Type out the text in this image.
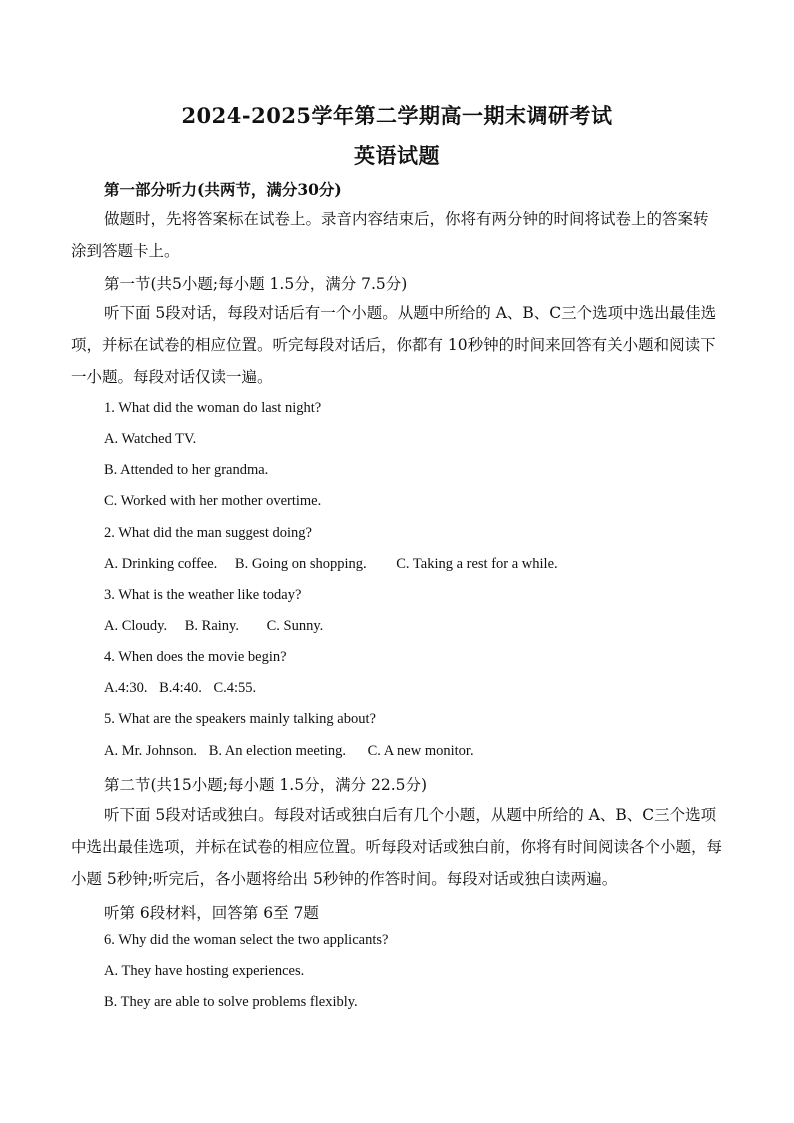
2024-2025学年第二学期高一期末调研考试
英语试题
第一部分听力(共两节，满分30分)
做题时，先将答案标在试卷上。录音内容结束后，你将有两分钟的时间将试卷上的答案转涂到答题卡上。
第一节(共5小题;每小题 1.5分，满分 7.5分)
听下面 5段对话，每段对话后有一个小题。从题中所给的 A、B、C三个选项中选出最佳选项，并标在试卷的相应位置。听完每段对话后，你都有 10秒钟的时间来回答有关小题和阅读下一小题。每段对话仅读一遍。
1. What did the woman do last night?
A. Watched TV.
B. Attended to her grandma.
C. Worked with her mother overtime.
2. What did the man suggest doing?
A. Drinking coffee. B. Going on shopping. C. Taking a rest for a while.
3. What is the weather like today?
A. Cloudy. B. Rainy. C. Sunny.
4. When does the movie begin?
A.4:30. B.4:40. C.4:55.
5. What are the speakers mainly talking about?
A. Mr. Johnson. B. An election meeting. C. A new monitor.
第二节(共15小题;每小题 1.5分，满分 22.5分)
听下面 5段对话或独白。每段对话或独白后有几个小题，从题中所给的 A、B、C三个选项中选出最佳选项，并标在试卷的相应位置。听每段对话或独白前，你将有时间阅读各个小题，每小题 5秒钟;听完后，各小题将给出 5秒钟的作答时间。每段对话或独白读两遍。
听第 6段材料，回答第 6至 7题
6. Why did the woman select the two applicants?
A. They have hosting experiences.
B. They are able to solve problems flexibly.
